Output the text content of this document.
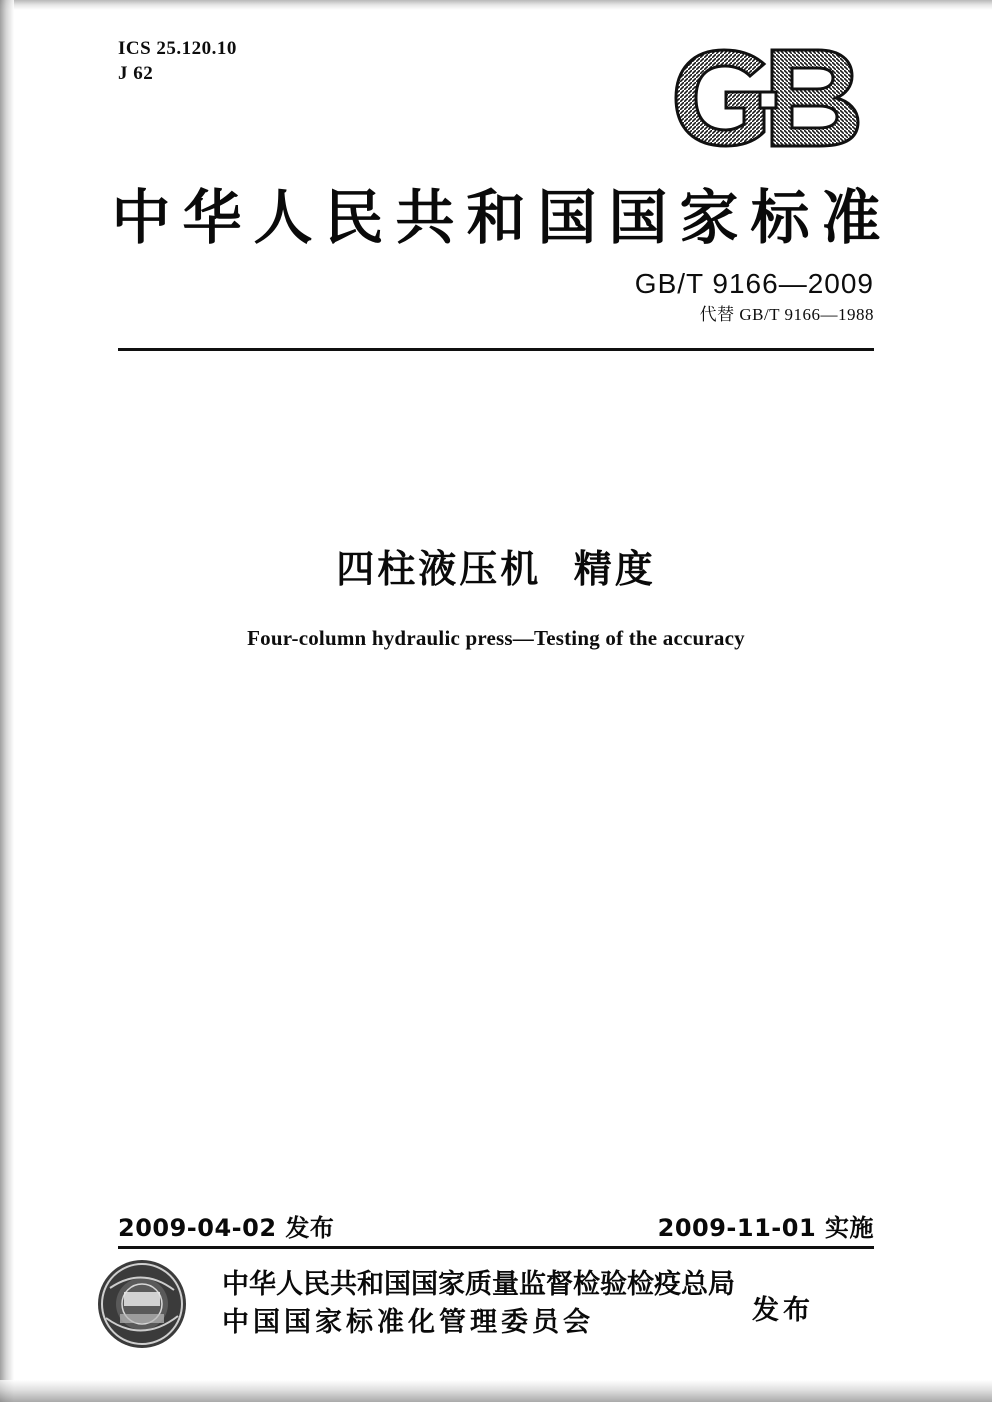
ICS 25.120.10
J 62
中华人民共和国国家标准
GB/T 9166—2009
代替 GB/T 9166—1988
四柱液压机  精度
Four-column hydraulic press—Testing of the accuracy
2009-04-02 发布	2009-11-01 实施
中华人民共和国国家质量监督检验检疫总局
中国国家标准化管理委员会	发布
